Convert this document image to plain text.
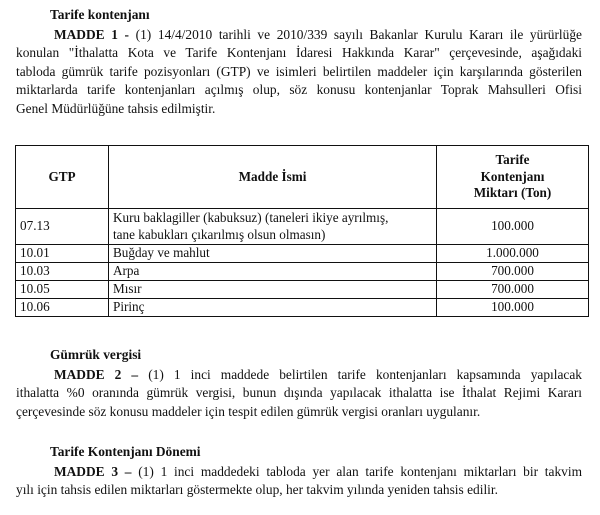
Tarife kontenjanı
MADDE 1 - (1) 14/4/2010 tarihli ve 2010/339 sayılı Bakanlar Kurulu Kararı ile yürürlüğe
konulan "İthalatta Kota ve Tarife Kontenjanı İdaresi Hakkında Karar" çerçevesinde, aşağıdaki
tabloda gümrük tarife pozisyonları (GTP) ve isimleri belirtilen maddeler için karşılarında gösterilen
miktarlarda tarife kontenjanları açılmış olup, söz konusu kontenjanlar Toprak Mahsulleri Ofisi
Genel Müdürlüğüne tahsis edilmiştir.
GTP	Madde İsmi	Tarife
Kontenjanı
Miktarı (Ton)

07.13	Kuru baklagiller (kabuksuz) (taneleri ikiye ayrılmış,
tane kabukları çıkarılmış olsun olmasın)	100.000
10.01	Buğday ve mahlut	1.000.000
10.03	Arpa	700.000
10.05	Mısır	700.000
10.06	Pirinç	100.000
Gümrük vergisi
MADDE 2 – (1) 1 inci maddede belirtilen tarife kontenjanları kapsamında yapılacak
ithalatta %0 oranında gümrük vergisi, bunun dışında yapılacak ithalatta ise İthalat Rejimi Kararı
çerçevesinde söz konusu maddeler için tespit edilen gümrük vergisi oranları uygulanır.
Tarife Kontenjanı Dönemi
MADDE 3 – (1) 1 inci maddedeki tabloda yer alan tarife kontenjanı miktarları bir takvim
yılı için tahsis edilen miktarları göstermekte olup, her takvim yılında yeniden tahsis edilir.
